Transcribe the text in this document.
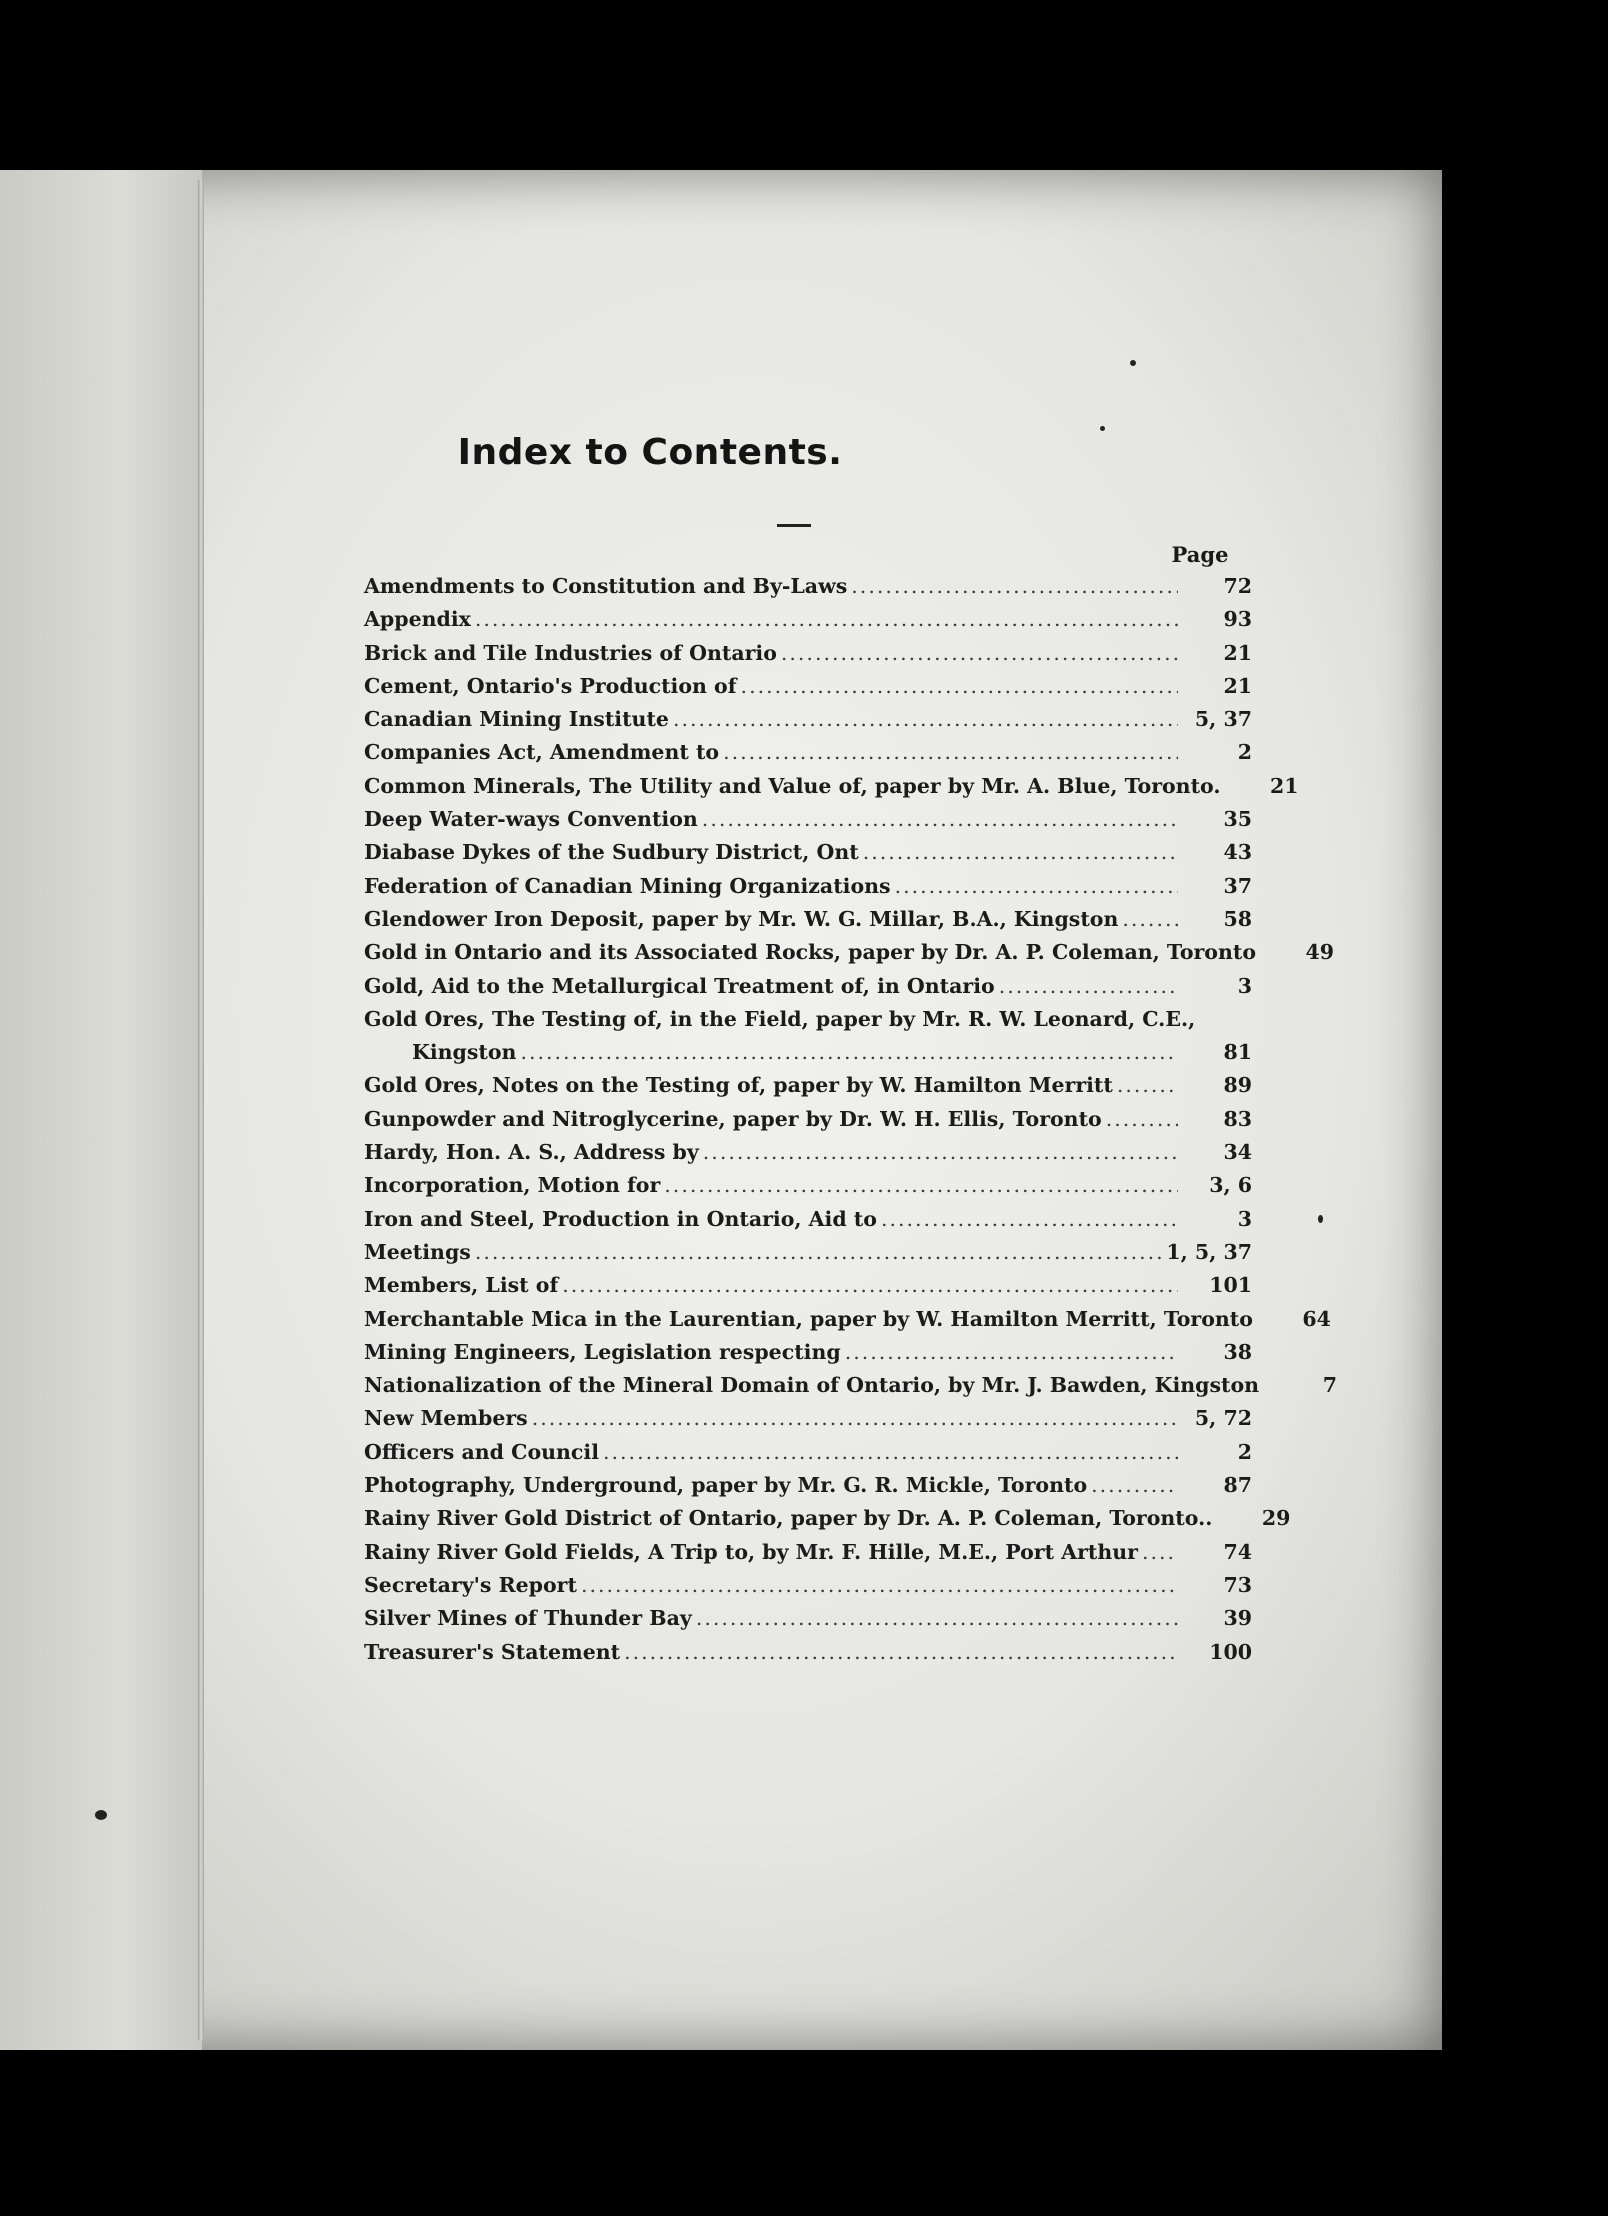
Index to Contents.
Page
Amendments to Constitution and By-Laws .....	72
Appendix .....	93
Brick and Tile Industries of Ontario .....	21
Cement, Ontario's Production of .....	21
Canadian Mining Institute .....	5, 37
Companies Act, Amendment to .....	2
Common Minerals, The Utility and Value of, paper by Mr. A. Blue, Toronto.	21
Deep Water-ways Convention .....	35
Diabase Dykes of the Sudbury District, Ont .....	43
Federation of Canadian Mining Organizations .....	37
Glendower Iron Deposit, paper by Mr. W. G. Millar, B.A., Kingston .....	58
Gold in Ontario and its Associated Rocks, paper by Dr. A. P. Coleman, Toronto	49
Gold, Aid to the Metallurgical Treatment of, in Ontario .....	3
Gold Ores, The Testing of, in the Field, paper by Mr. R. W. Leonard, C.E.,
Kingston .....	81
Gold Ores, Notes on the Testing of, paper by W. Hamilton Merritt .....	89
Gunpowder and Nitroglycerine, paper by Dr. W. H. Ellis, Toronto .....	83
Hardy, Hon. A. S., Address by .....	34
Incorporation, Motion for .....	3, 6
Iron and Steel, Production in Ontario, Aid to .....	3
Meetings .....	1, 5, 37
Members, List of .....	101
Merchantable Mica in the Laurentian, paper by W. Hamilton Merritt, Toronto	64
Mining Engineers, Legislation respecting .....	38
Nationalization of the Mineral Domain of Ontario, by Mr. J. Bawden, Kingston	7
New Members .....	5, 72
Officers and Council .....	2
Photography, Underground, paper by Mr. G. R. Mickle, Toronto .....	87
Rainy River Gold District of Ontario, paper by Dr. A. P. Coleman, Toronto..	29
Rainy River Gold Fields, A Trip to, by Mr. F. Hille, M.E., Port Arthur .....	74
Secretary's Report .....	73
Silver Mines of Thunder Bay .....	39
Treasurer's Statement .....	100
